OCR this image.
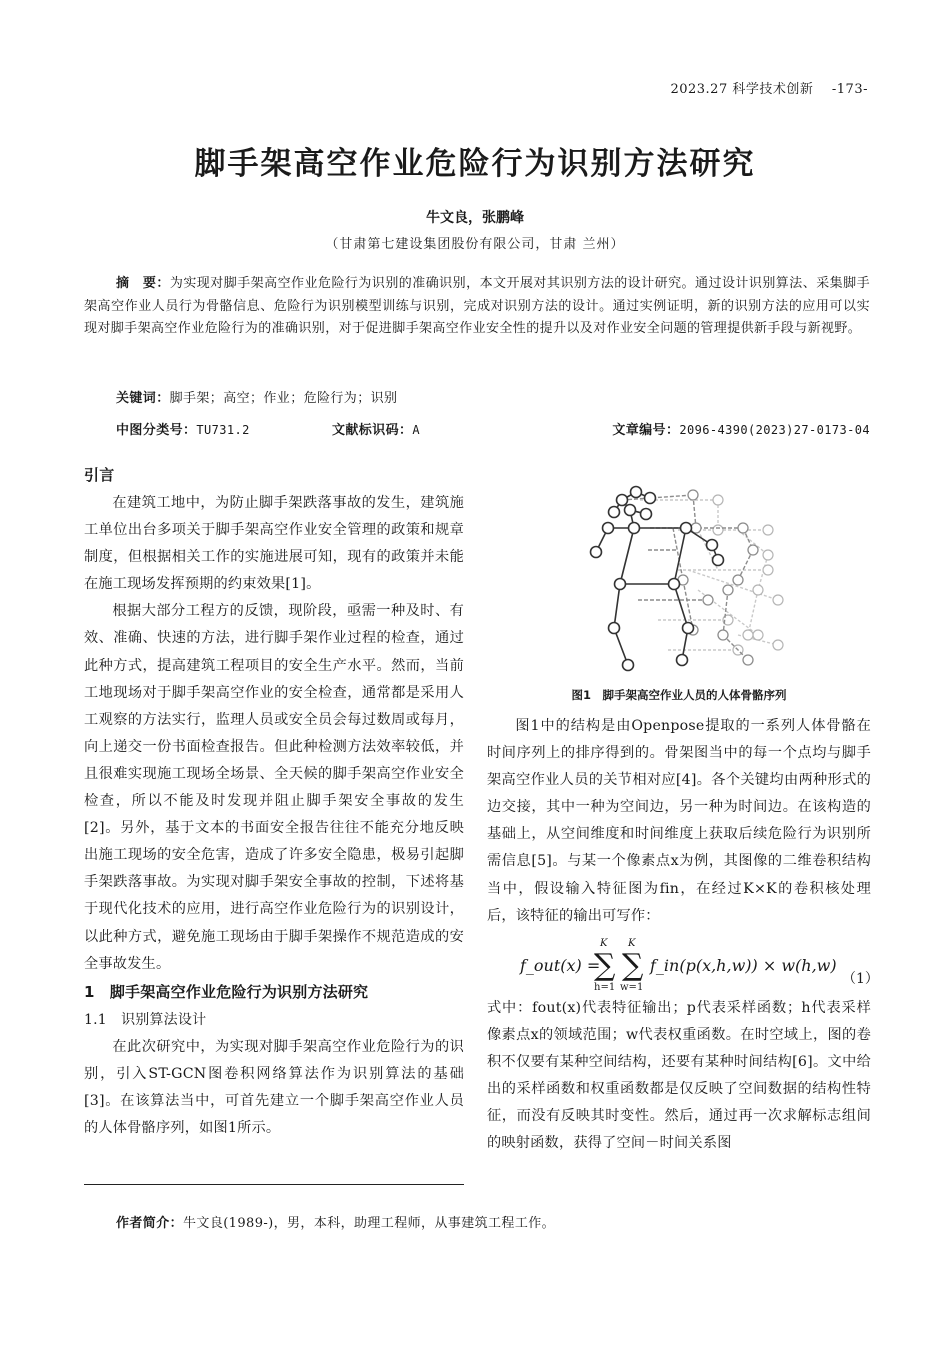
2023.27 科学技术创新 -173-
脚手架高空作业危险行为识别方法研究
牛文良，张鹏峰
（甘肃第七建设集团股份有限公司，甘肃 兰州）
摘　要：为实现对脚手架高空作业危险行为识别的准确识别，本文开展对其识别方法的设计研究。通过设计识别算法、采集脚手架高空作业人员行为骨骼信息、危险行为识别模型训练与识别，完成对识别方法的设计。通过实例证明，新的识别方法的应用可以实现对脚手架高空作业危险行为的准确识别，对于促进脚手架高空作业安全性的提升以及对作业安全问题的管理提供新手段与新视野。
关键词：脚手架；高空；作业；危险行为；识别
中图分类号：TU731.2	文献标识码：A	文章编号：2096-4390(2023)27-0173-04
引言

在建筑工地中，为防止脚手架跌落事故的发生，建筑施工单位出台多项关于脚手架高空作业安全管理的政策和规章制度，但根据相关工作的实施进展可知，现有的政策并未能在施工现场发挥预期的约束效果[1]。

根据大部分工程方的反馈，现阶段，亟需一种及时、有效、准确、快速的方法，进行脚手架作业过程的检查，通过此种方式，提高建筑工程项目的安全生产水平。然而，当前工地现场对于脚手架高空作业的安全检查，通常都是采用人工观察的方法实行，监理人员或安全员会每过数周或每月，向上递交一份书面检查报告。但此种检测方法效率较低，并且很难实现施工现场全场景、全天候的脚手架高空作业安全检查，所以不能及时发现并阻止脚手架安全事故的发生[2]。另外，基于文本的书面安全报告往往不能充分地反映出施工现场的安全危害，造成了许多安全隐患，极易引起脚手架跌落事故。为实现对脚手架安全事故的控制，下述将基于现代化技术的应用，进行高空作业危险行为的识别设计，以此种方式，避免施工现场由于脚手架操作不规范造成的安全事故发生。

1　脚手架高空作业危险行为识别方法研究
1.1　识别算法设计

在此次研究中，为实现对脚手架高空作业危险行为的识别，引入ST-GCN图卷积网络算法作为识别算法的基础[3]。在该算法当中，可首先建立一个脚手架高空作业人员的人体骨骼序列，如图1所示。

图1　脚手架高空作业人员的人体骨骼序列

图1中的结构是由Openpose提取的一系列人体骨骼在时间序列上的排序得到的。骨架图当中的每一个点均与脚手架高空作业人员的关节相对应[4]。各个关键均由两种形式的边交接，其中一种为空间边，另一种为时间边。在该构造的基础上，从空间维度和时间维度上获取后续危险行为识别所需信息[5]。与某一个像素点x为例，其图像的二维卷积结构当中，假设输入特征图为fin，在经过K×K的卷积核处理后，该特征的输出可写作：

f_out(x) =
K
∑
h=1
K
∑
w=1
f_in(p(x,h,w)) × w(h,w)
（1）

式中：fout(x)代表特征输出；p代表采样函数；h代表采样像素点x的领域范围；w代表权重函数。在时空域上，图的卷积不仅要有某种空间结构，还要有某种时间结构[6]。文中给出的采样函数和权重函数都是仅反映了空间数据的结构性特征，而没有反映其时变性。然后，通过再一次求解标志组间的映射函数，获得了空间－时间关系图

作者简介：牛文良(1989-)，男，本科，助理工程师，从事建筑工程工作。
